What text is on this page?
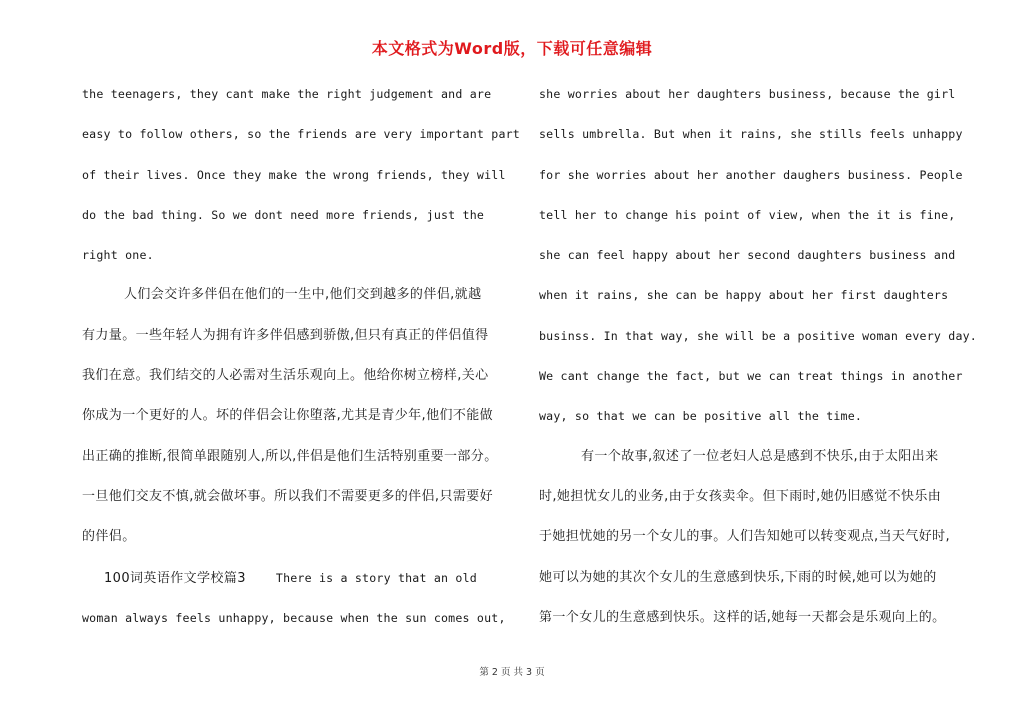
本文格式为Word版，下载可任意编辑
the teenagers, they cant make the right judgement and are
easy to follow others, so the friends are very important part
of their lives. Once they make the wrong friends, they will
do the bad thing. So we dont need more friends, just the
right one.
人们会交许多伴侣在他们的一生中,他们交到越多的伴侣,就越
有力量。一些年轻人为拥有许多伴侣感到骄傲,但只有真正的伴侣值得
我们在意。我们结交的人必需对生活乐观向上。他给你树立榜样,关心
你成为一个更好的人。坏的伴侣会让你堕落,尤其是青少年,他们不能做
出正确的推断,很简单跟随别人,所以,伴侣是他们生活特别重要一部分。
一旦他们交友不慎,就会做坏事。所以我们不需要更多的伴侣,只需要好
的伴侣。
100词英语作文学校篇3	There is a story that an old
woman always feels unhappy, because when the sun comes out,
she worries about her daughters business, because the girl
sells umbrella. But when it rains, she stills feels unhappy
for she worries about her another daughers business. People
tell her to change his point of view, when the it is fine,
she can feel happy about her second daughters business and
when it rains, she can be happy about her first daughters
businss. In that way, she will be a positive woman every day.
We cant change the fact, but we can treat things in another
way, so that we can be positive all the time.
有一个故事,叙述了一位老妇人总是感到不快乐,由于太阳出来
时,她担忧女儿的业务,由于女孩卖伞。但下雨时,她仍旧感觉不快乐由
于她担忧她的另一个女儿的事。人们告知她可以转变观点,当天气好时,
她可以为她的其次个女儿的生意感到快乐,下雨的时候,她可以为她的
第一个女儿的生意感到快乐。这样的话,她每一天都会是乐观向上的。
第 2 页 共 3 页
